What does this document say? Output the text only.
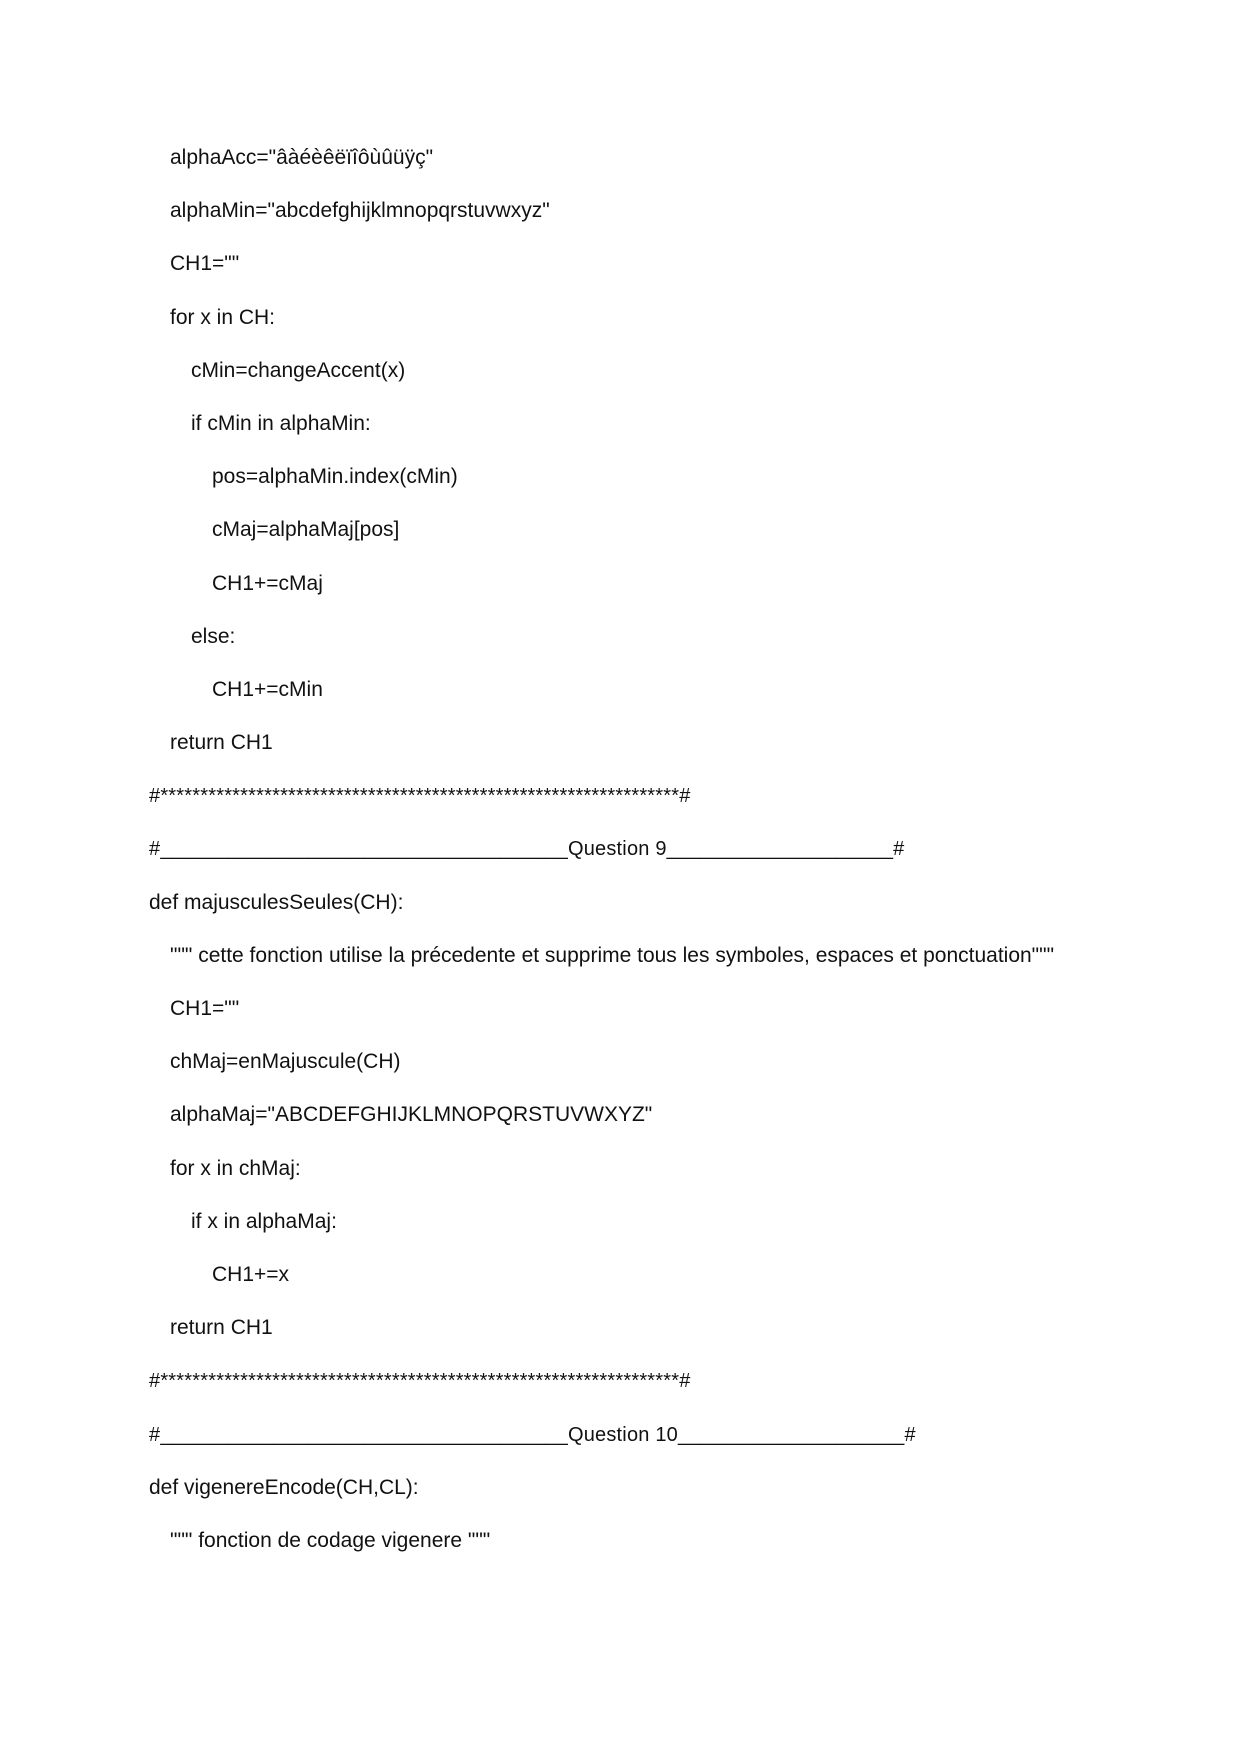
alphaAcc="âàéèêëïîôùûüÿç"
alphaMin="abcdefghijklmnopqrstuvwxyz"
CH1=""
for x in CH:
cMin=changeAccent(x)
if cMin in alphaMin:
pos=alphaMin.index(cMin)
cMaj=alphaMaj[pos]
CH1+=cMaj
else:
CH1+=cMin
return CH1
#*****************************************************************#
#____________________________________Question 9____________________#
def majusculesSeules(CH):
""" cette fonction utilise la précedente et supprime tous les symboles, espaces et ponctuation"""
CH1=""
chMaj=enMajuscule(CH)
alphaMaj="ABCDEFGHIJKLMNOPQRSTUVWXYZ"
for x in chMaj:
if x in alphaMaj:
CH1+=x
return CH1
#*****************************************************************#
#____________________________________Question 10____________________#
def vigenereEncode(CH,CL):
""" fonction de codage vigenere """
